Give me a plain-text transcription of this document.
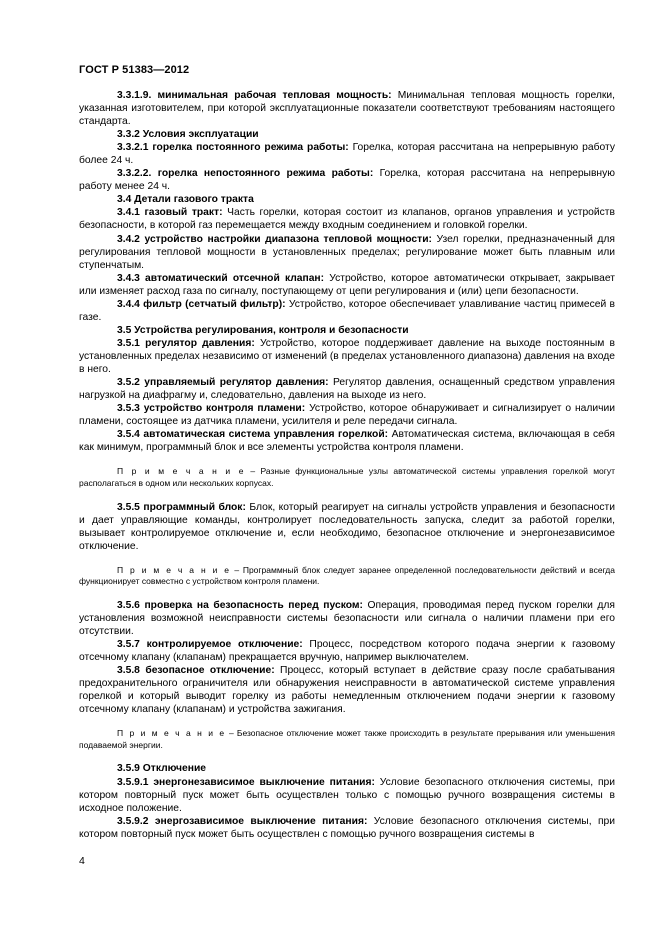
ГОСТ Р 51383—2012

3.3.1.9. минимальная рабочая тепловая мощность: Минимальная тепловая мощность горелки, указанная изготовителем, при которой эксплуатационные показатели соответствуют требованиям настоящего стандарта.

3.3.2 Условия эксплуатации

3.3.2.1 горелка постоянного режима работы: Горелка, которая рассчитана на непрерывную работу более 24 ч.

3.3.2.2. горелка непостоянного режима работы: Горелка, которая рассчитана на непрерывную работу менее 24 ч.

3.4 Детали газового тракта

3.4.1 газовый тракт: Часть горелки, которая состоит из клапанов, органов управления и устройств безопасности, в которой газ перемещается между входным соединением и головкой горелки.

3.4.2 устройство настройки диапазона тепловой мощности: Узел горелки, предназначенный для регулирования тепловой мощности в установленных пределах; регулирование может быть плавным или ступенчатым.

3.4.3 автоматический отсечной клапан: Устройство, которое автоматически открывает, закрывает или изменяет расход газа по сигналу, поступающему от цепи регулирования и (или) цепи безопасности.

3.4.4 фильтр (сетчатый фильтр): Устройство, которое обеспечивает улавливание частиц примесей в газе.

3.5 Устройства регулирования, контроля и безопасности

3.5.1 регулятор давления: Устройство, которое поддерживает давление на выходе постоянным в установленных пределах независимо от изменений (в пределах установленного диапазона) давления на входе в него.

3.5.2 управляемый регулятор давления: Регулятор давления, оснащенный средством управления нагрузкой на диафрагму и, следовательно, давления на выходе из него.

3.5.3 устройство контроля пламени: Устройство, которое обнаруживает и сигнализирует о наличии пламени, состоящее из датчика пламени, усилителя и реле передачи сигнала.

3.5.4 автоматическая система управления горелкой: Автоматическая система, включающая в себя как минимум, программный блок и все элементы устройства контроля пламени.

П р и м е ч а н и е – Разные функциональные узлы автоматической системы управления горелкой могут располагаться в одном или нескольких корпусах.

3.5.5 программный блок: Блок, который реагирует на сигналы устройств управления и безопасности и дает управляющие команды, контролирует последовательность запуска, следит за работой горелки, вызывает контролируемое отключение и, если необходимо, безопасное отключение и энергонезависимое отключение.

П р и м е ч а н и е – Программный блок следует заранее определенной последовательности действий и всегда функционирует совместно с устройством контроля пламени.

3.5.6 проверка на безопасность перед пуском: Операция, проводимая перед пуском горелки для установления возможной неисправности системы безопасности или сигнала о наличии пламени при его отсутствии.

3.5.7 контролируемое отключение: Процесс, посредством которого подача энергии к газовому отсечному клапану (клапанам) прекращается вручную, например выключателем.

3.5.8 безопасное отключение: Процесс, который вступает в действие сразу после срабатывания предохранительного ограничителя или обнаружения неисправности в автоматической системе управления горелкой и который выводит горелку из работы немедленным отключением подачи энергии к газовому отсечному клапану (клапанам) и устройства зажигания.

П р и м е ч а н и е – Безопасное отключение может также происходить в результате прерывания или уменьшения подаваемой энергии.

3.5.9 Отключение

3.5.9.1 энергонезависимое выключение питания: Условие безопасного отключения системы, при котором повторный пуск может быть осуществлен только с помощью ручного возвращения системы в исходное положение.

3.5.9.2 энергозависимое выключение питания: Условие безопасного отключения системы, при котором повторный пуск может быть осуществлен с помощью ручного возвращения системы в

4
